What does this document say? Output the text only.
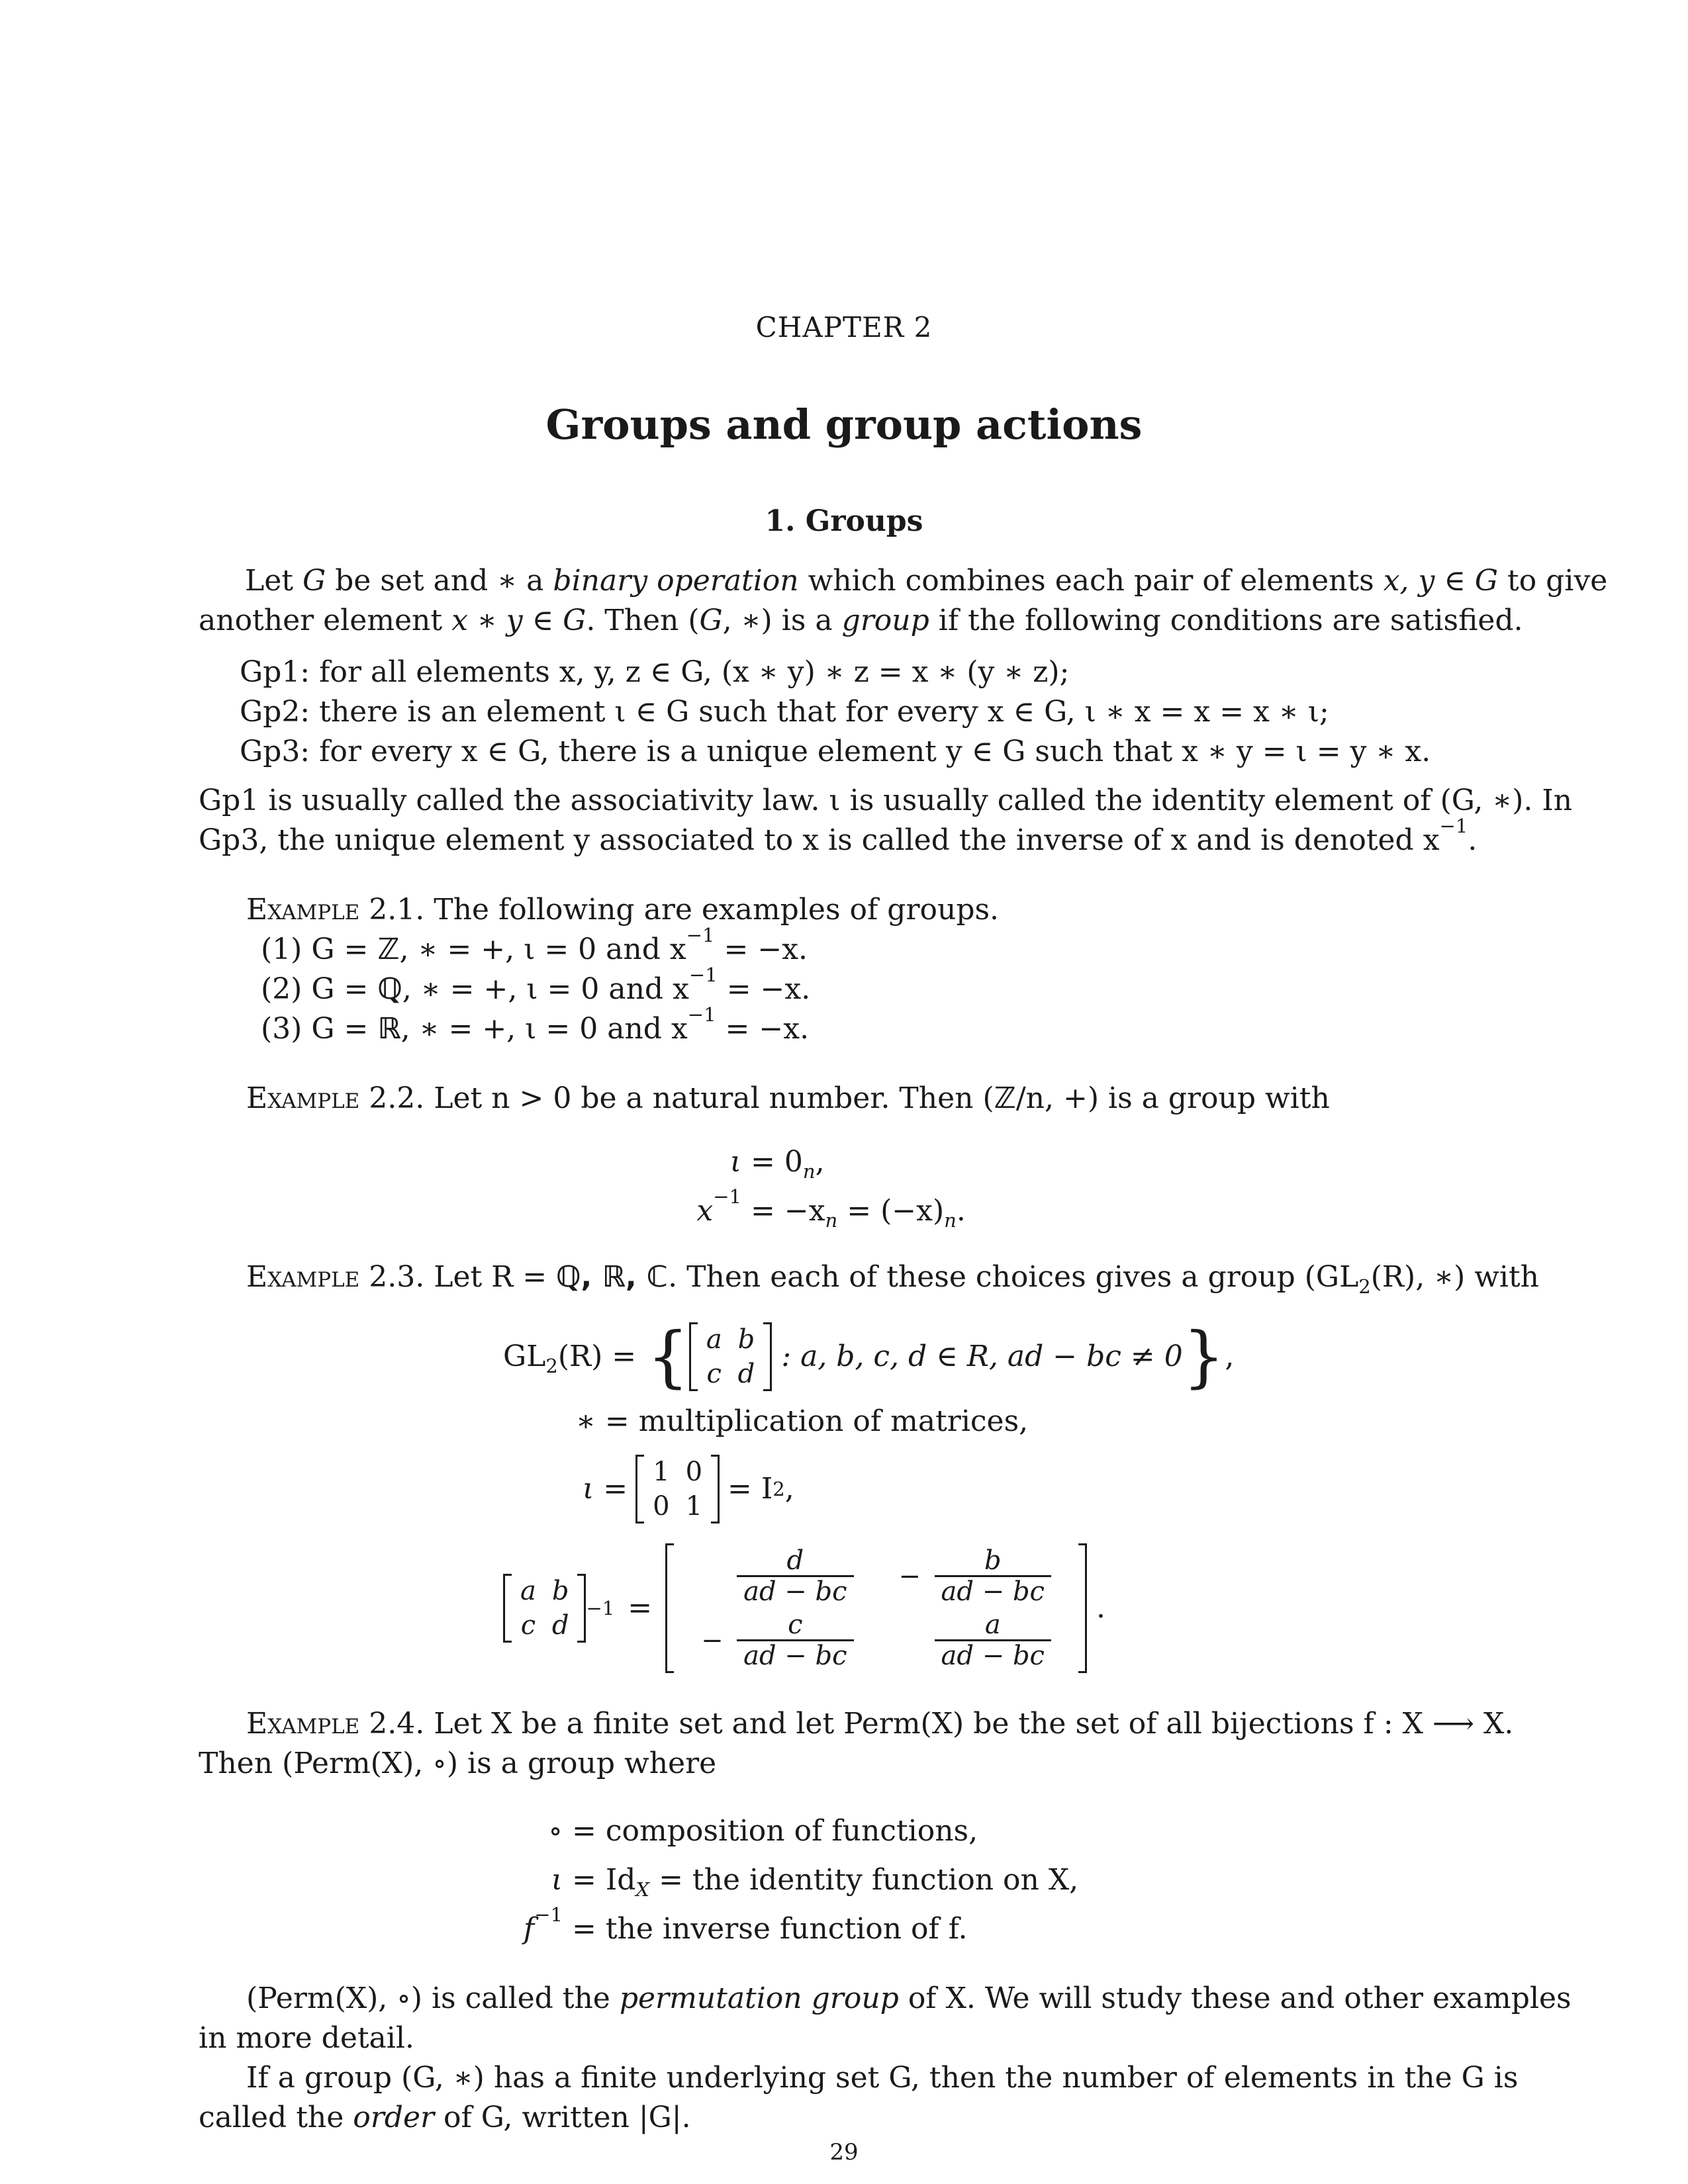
CHAPTER 2
Groups and group actions
1. Groups
Let G be set and ∗ a binary operation which combines each pair of elements x, y ∈ G to give
another element x ∗ y ∈ G. Then (G, ∗) is a group if the following conditions are satisfied.
Gp1: for all elements x, y, z ∈ G, (x ∗ y) ∗ z = x ∗ (y ∗ z);
Gp2: there is an element ι ∈ G such that for every x ∈ G, ι ∗ x = x = x ∗ ι;
Gp3: for every x ∈ G, there is a unique element y ∈ G such that x ∗ y = ι = y ∗ x.
Gp1 is usually called the associativity law. ι is usually called the identity element of (G, ∗). In
Gp3, the unique element y associated to x is called the inverse of x and is denoted $x^{-1}$.
Example 2.1. The following are examples of groups.
(1) G = ℤ, ∗ = +, ι = 0 and $x^{-1} = -x$.
(2) G = ℚ, ∗ = +, ι = 0 and $x^{-1} = -x$.
(3) G = ℝ, ∗ = +, ι = 0 and $x^{-1} = -x$.
Example 2.2. Let n > 0 be a natural number. Then (ℤ/n, +) is a group with
$\iota = 0_n$,
$x^{-1} = -x_n = (-x)_n$.
Example 2.3. Let R = ℚ, ℝ, ℂ. Then each of these choices gives a group ($GL_2(R)$, ∗) with
$GL_2(R)$ = { a b
c d
: a, b, c, d ∈ R, ad − bc ≠ 0 } ,
∗ = multiplication of matrices,
ι = 1 0
0 1
= I 2 ,
a b
c d
−1 =
$\frac{d}{ad - bc}$	− $\frac{b}{ad - bc}$
− $\frac{c}{ad - bc} \frac{a}{ad - bc}$
.
Example 2.4. Let X be a finite set and let Perm(X) be the set of all bijections f : X ⟶ X.
Then (Perm(X), ∘) is a group where
∘ = composition of functions,
$\iota = Id_X$ = the identity function on X,
$f^{-1}$ = the inverse function of f.
(Perm(X), ∘) is called the permutation group of X. We will study these and other examples
in more detail.
If a group (G, ∗) has a finite underlying set G, then the number of elements in the G is
called the order of G, written |G|.
29
